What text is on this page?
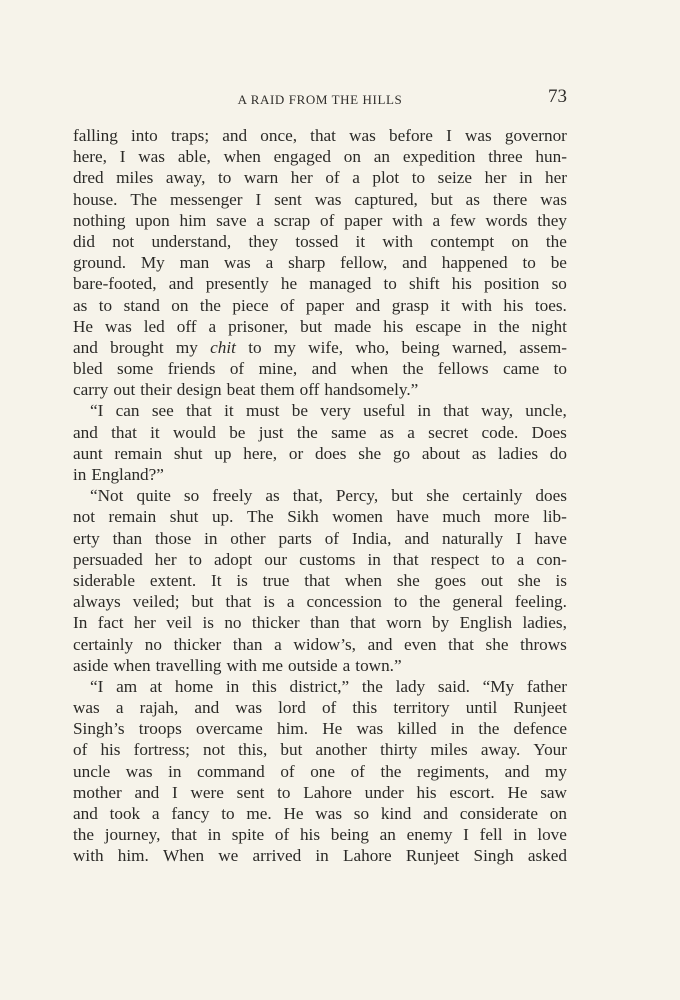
A RAID FROM THE HILLS	73
falling into traps; and once, that was before I was governor
here, I was able, when engaged on an expedition three hun-
dred miles away, to warn her of a plot to seize her in her
house. The messenger I sent was captured, but as there was
nothing upon him save a scrap of paper with a few words they
did not understand, they tossed it with contempt on the
ground. My man was a sharp fellow, and happened to be
bare-footed, and presently he managed to shift his position so
as to stand on the piece of paper and grasp it with his toes.
He was led off a prisoner, but made his escape in the night
and brought my chit to my wife, who, being warned, assem-
bled some friends of mine, and when the fellows came to
carry out their design beat them off handsomely.”
“I can see that it must be very useful in that way, uncle,
and that it would be just the same as a secret code. Does
aunt remain shut up here, or does she go about as ladies do
in England?”
“Not quite so freely as that, Percy, but she certainly does
not remain shut up. The Sikh women have much more lib-
erty than those in other parts of India, and naturally I have
persuaded her to adopt our customs in that respect to a con-
siderable extent. It is true that when she goes out she is
always veiled; but that is a concession to the general feeling.
In fact her veil is no thicker than that worn by English ladies,
certainly no thicker than a widow’s, and even that she throws
aside when travelling with me outside a town.”
“I am at home in this district,” the lady said. “My father
was a rajah, and was lord of this territory until Runjeet
Singh’s troops overcame him. He was killed in the defence
of his fortress; not this, but another thirty miles away. Your
uncle was in command of one of the regiments, and my
mother and I were sent to Lahore under his escort. He saw
and took a fancy to me. He was so kind and considerate on
the journey, that in spite of his being an enemy I fell in love
with him. When we arrived in Lahore Runjeet Singh asked
